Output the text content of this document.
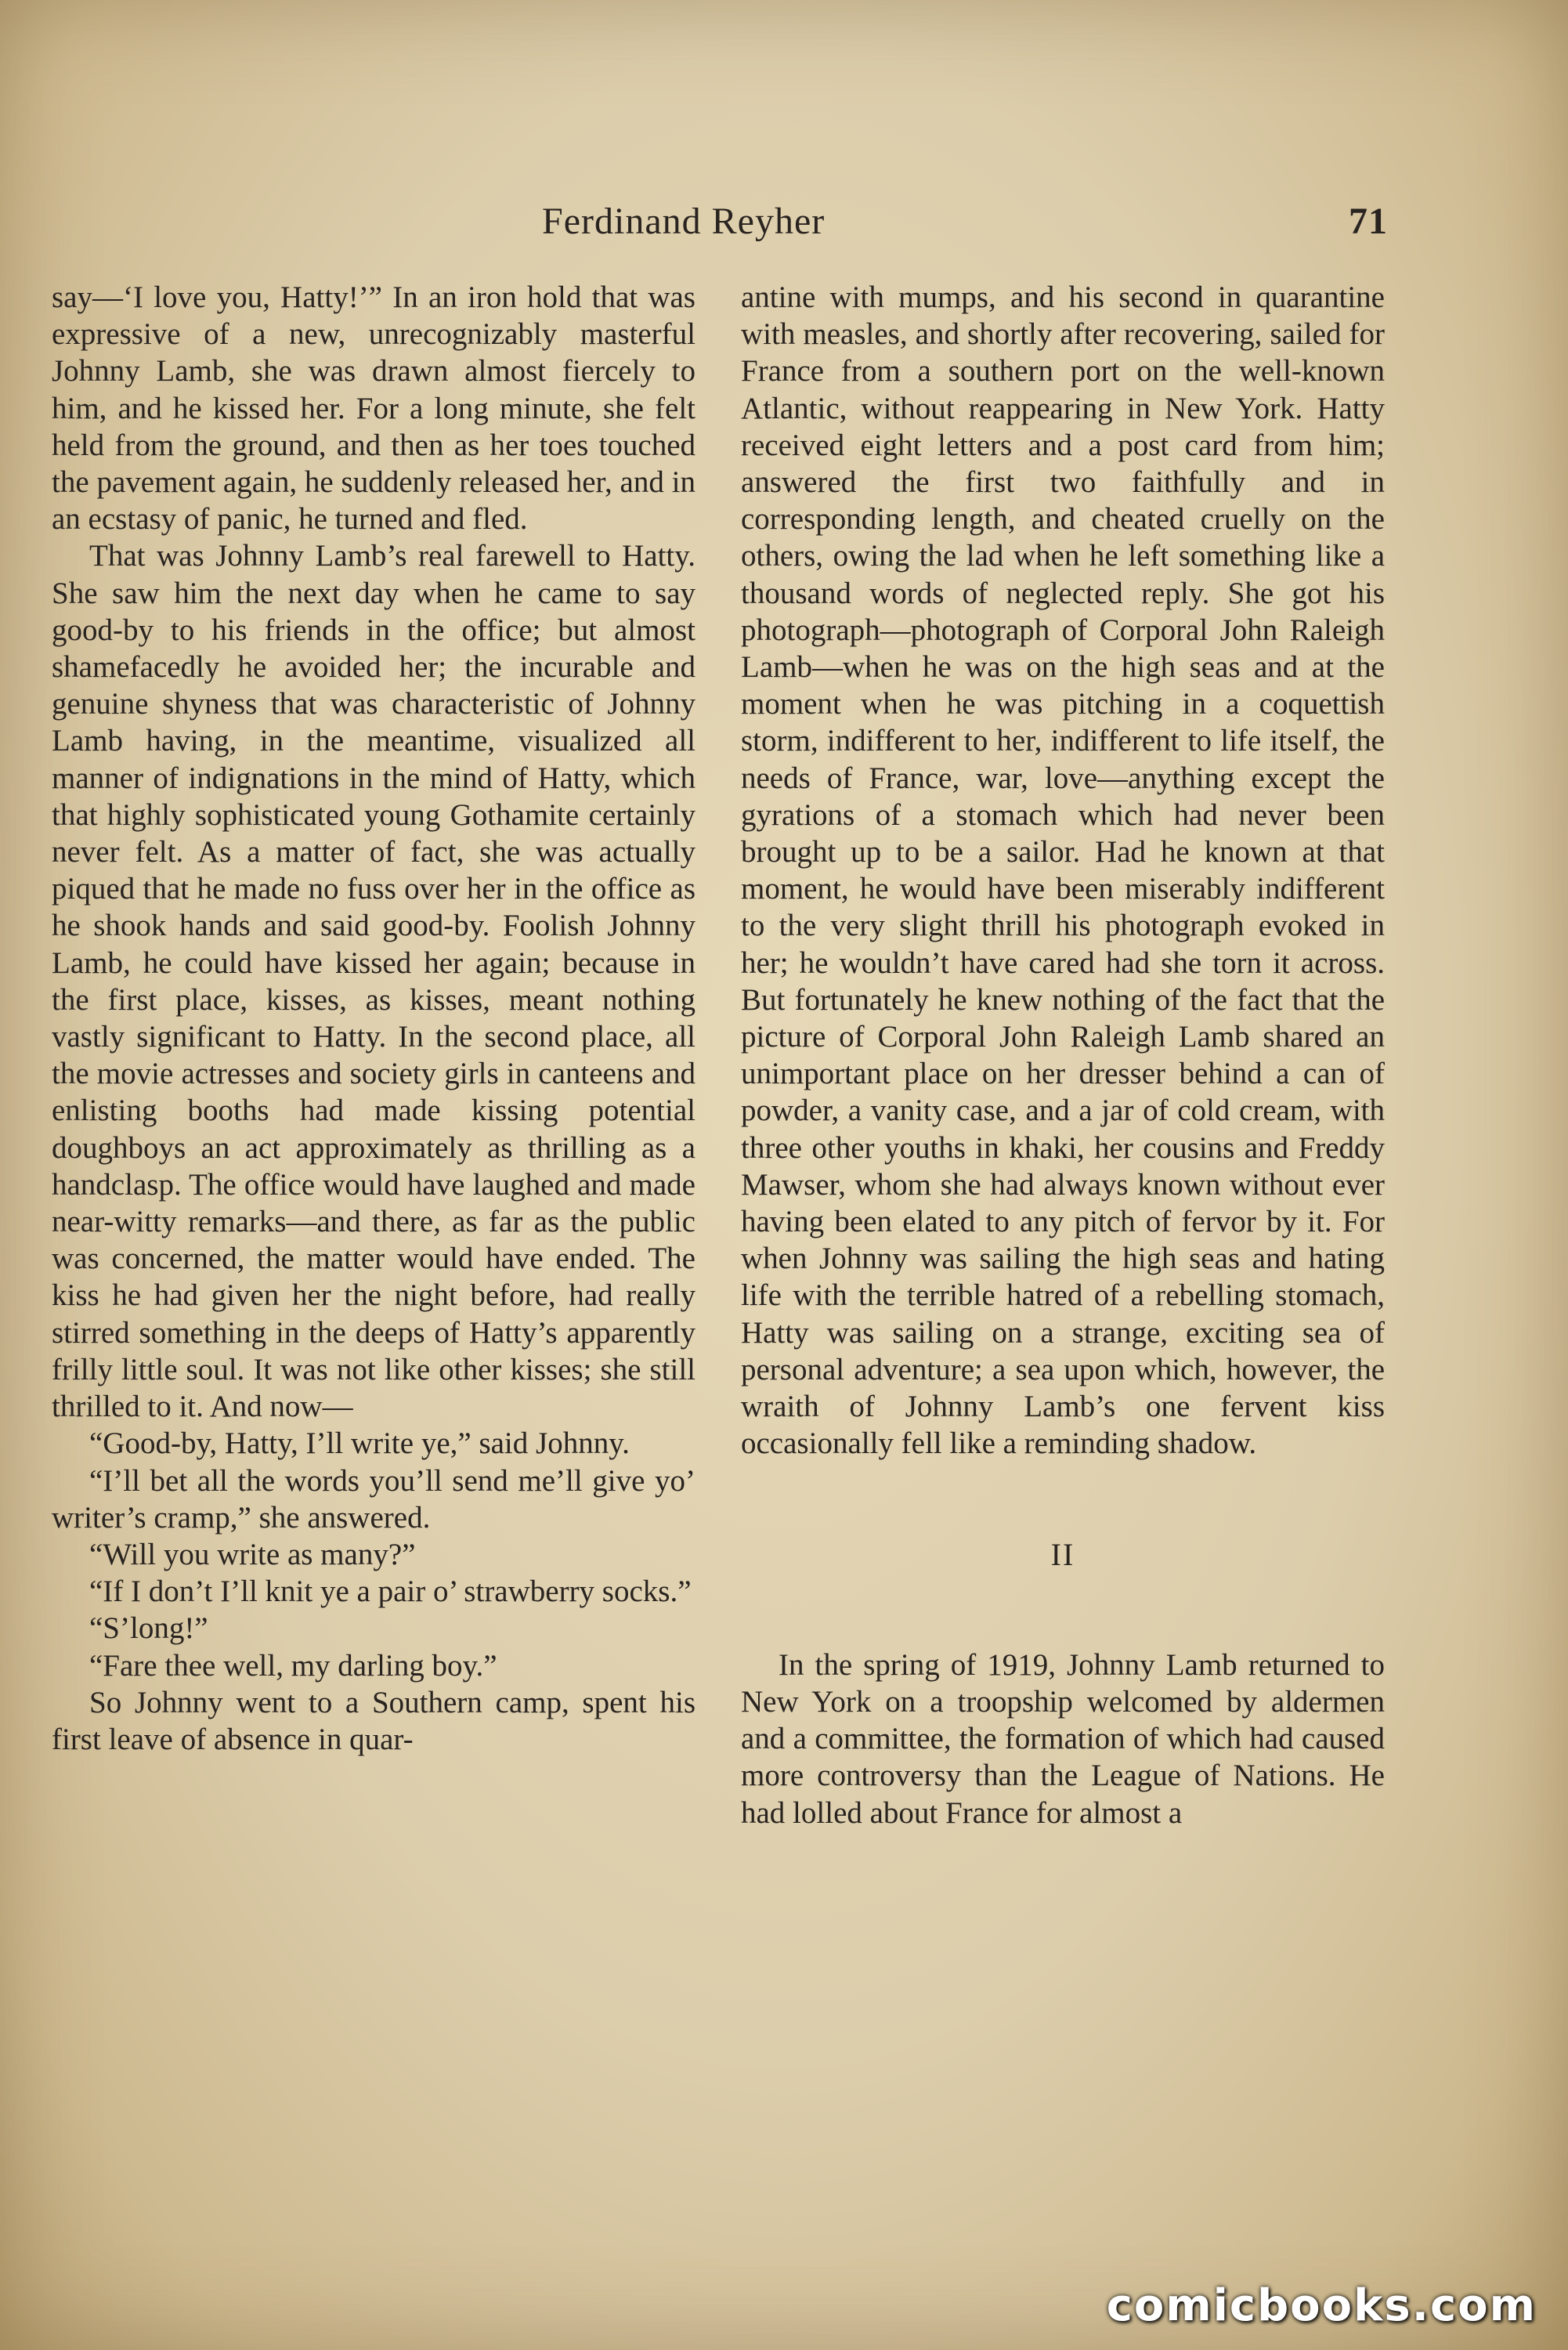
Ferdinand Reyher	71

say—‘I love you, Hatty!’” In an iron hold that was expressive of a new, unrecognizably masterful Johnny Lamb, she was drawn almost fiercely to him, and he kissed her. For a long minute, she felt held from the ground, and then as her toes touched the pavement again, he suddenly released her, and in an ecstasy of panic, he turned and fled.

That was Johnny Lamb’s real farewell to Hatty. She saw him the next day when he came to say good-by to his friends in the office; but almost shamefacedly he avoided her; the incurable and genuine shyness that was characteristic of Johnny Lamb having, in the meantime, visualized all manner of indignations in the mind of Hatty, which that highly sophisticated young Gothamite certainly never felt. As a matter of fact, she was actually piqued that he made no fuss over her in the office as he shook hands and said good-by. Foolish Johnny Lamb, he could have kissed her again; because in the first place, kisses, as kisses, meant nothing vastly significant to Hatty. In the second place, all the movie actresses and society girls in canteens and enlisting booths had made kissing potential doughboys an act approximately as thrilling as a handclasp. The office would have laughed and made near-witty remarks—and there, as far as the public was concerned, the matter would have ended. The kiss he had given her the night before, had really stirred something in the deeps of Hatty’s apparently frilly little soul. It was not like other kisses; she still thrilled to it. And now—

“Good-by, Hatty, I’ll write ye,” said Johnny.

“I’ll bet all the words you’ll send me’ll give yo’ writer’s cramp,” she answered.

“Will you write as many?”

“If I don’t I’ll knit ye a pair o’ strawberry socks.”

“S’long!”

“Fare thee well, my darling boy.”

So Johnny went to a Southern camp, spent his first leave of absence in quar-

antine with mumps, and his second in quarantine with measles, and shortly after recovering, sailed for France from a southern port on the well-known Atlantic, without reappearing in New York. Hatty received eight letters and a post card from him; answered the first two faithfully and in corresponding length, and cheated cruelly on the others, owing the lad when he left something like a thousand words of neglected reply. She got his photograph—photograph of Corporal John Raleigh Lamb—when he was on the high seas and at the moment when he was pitching in a coquettish storm, indifferent to her, indifferent to life itself, the needs of France, war, love—anything except the gyrations of a stomach which had never been brought up to be a sailor. Had he known at that moment, he would have been miserably indifferent to the very slight thrill his photograph evoked in her; he wouldn’t have cared had she torn it across. But fortunately he knew nothing of the fact that the picture of Corporal John Raleigh Lamb shared an unimportant place on her dresser behind a can of powder, a vanity case, and a jar of cold cream, with three other youths in khaki, her cousins and Freddy Mawser, whom she had always known without ever having been elated to any pitch of fervor by it. For when Johnny was sailing the high seas and hating life with the terrible hatred of a rebelling stomach, Hatty was sailing on a strange, exciting sea of personal adventure; a sea upon which, however, the wraith of Johnny Lamb’s one fervent kiss occasionally fell like a reminding shadow.

II

In the spring of 1919, Johnny Lamb returned to New York on a troopship welcomed by aldermen and a committee, the formation of which had caused more controversy than the League of Nations. He had lolled about France for almost a

comicbooks.com
